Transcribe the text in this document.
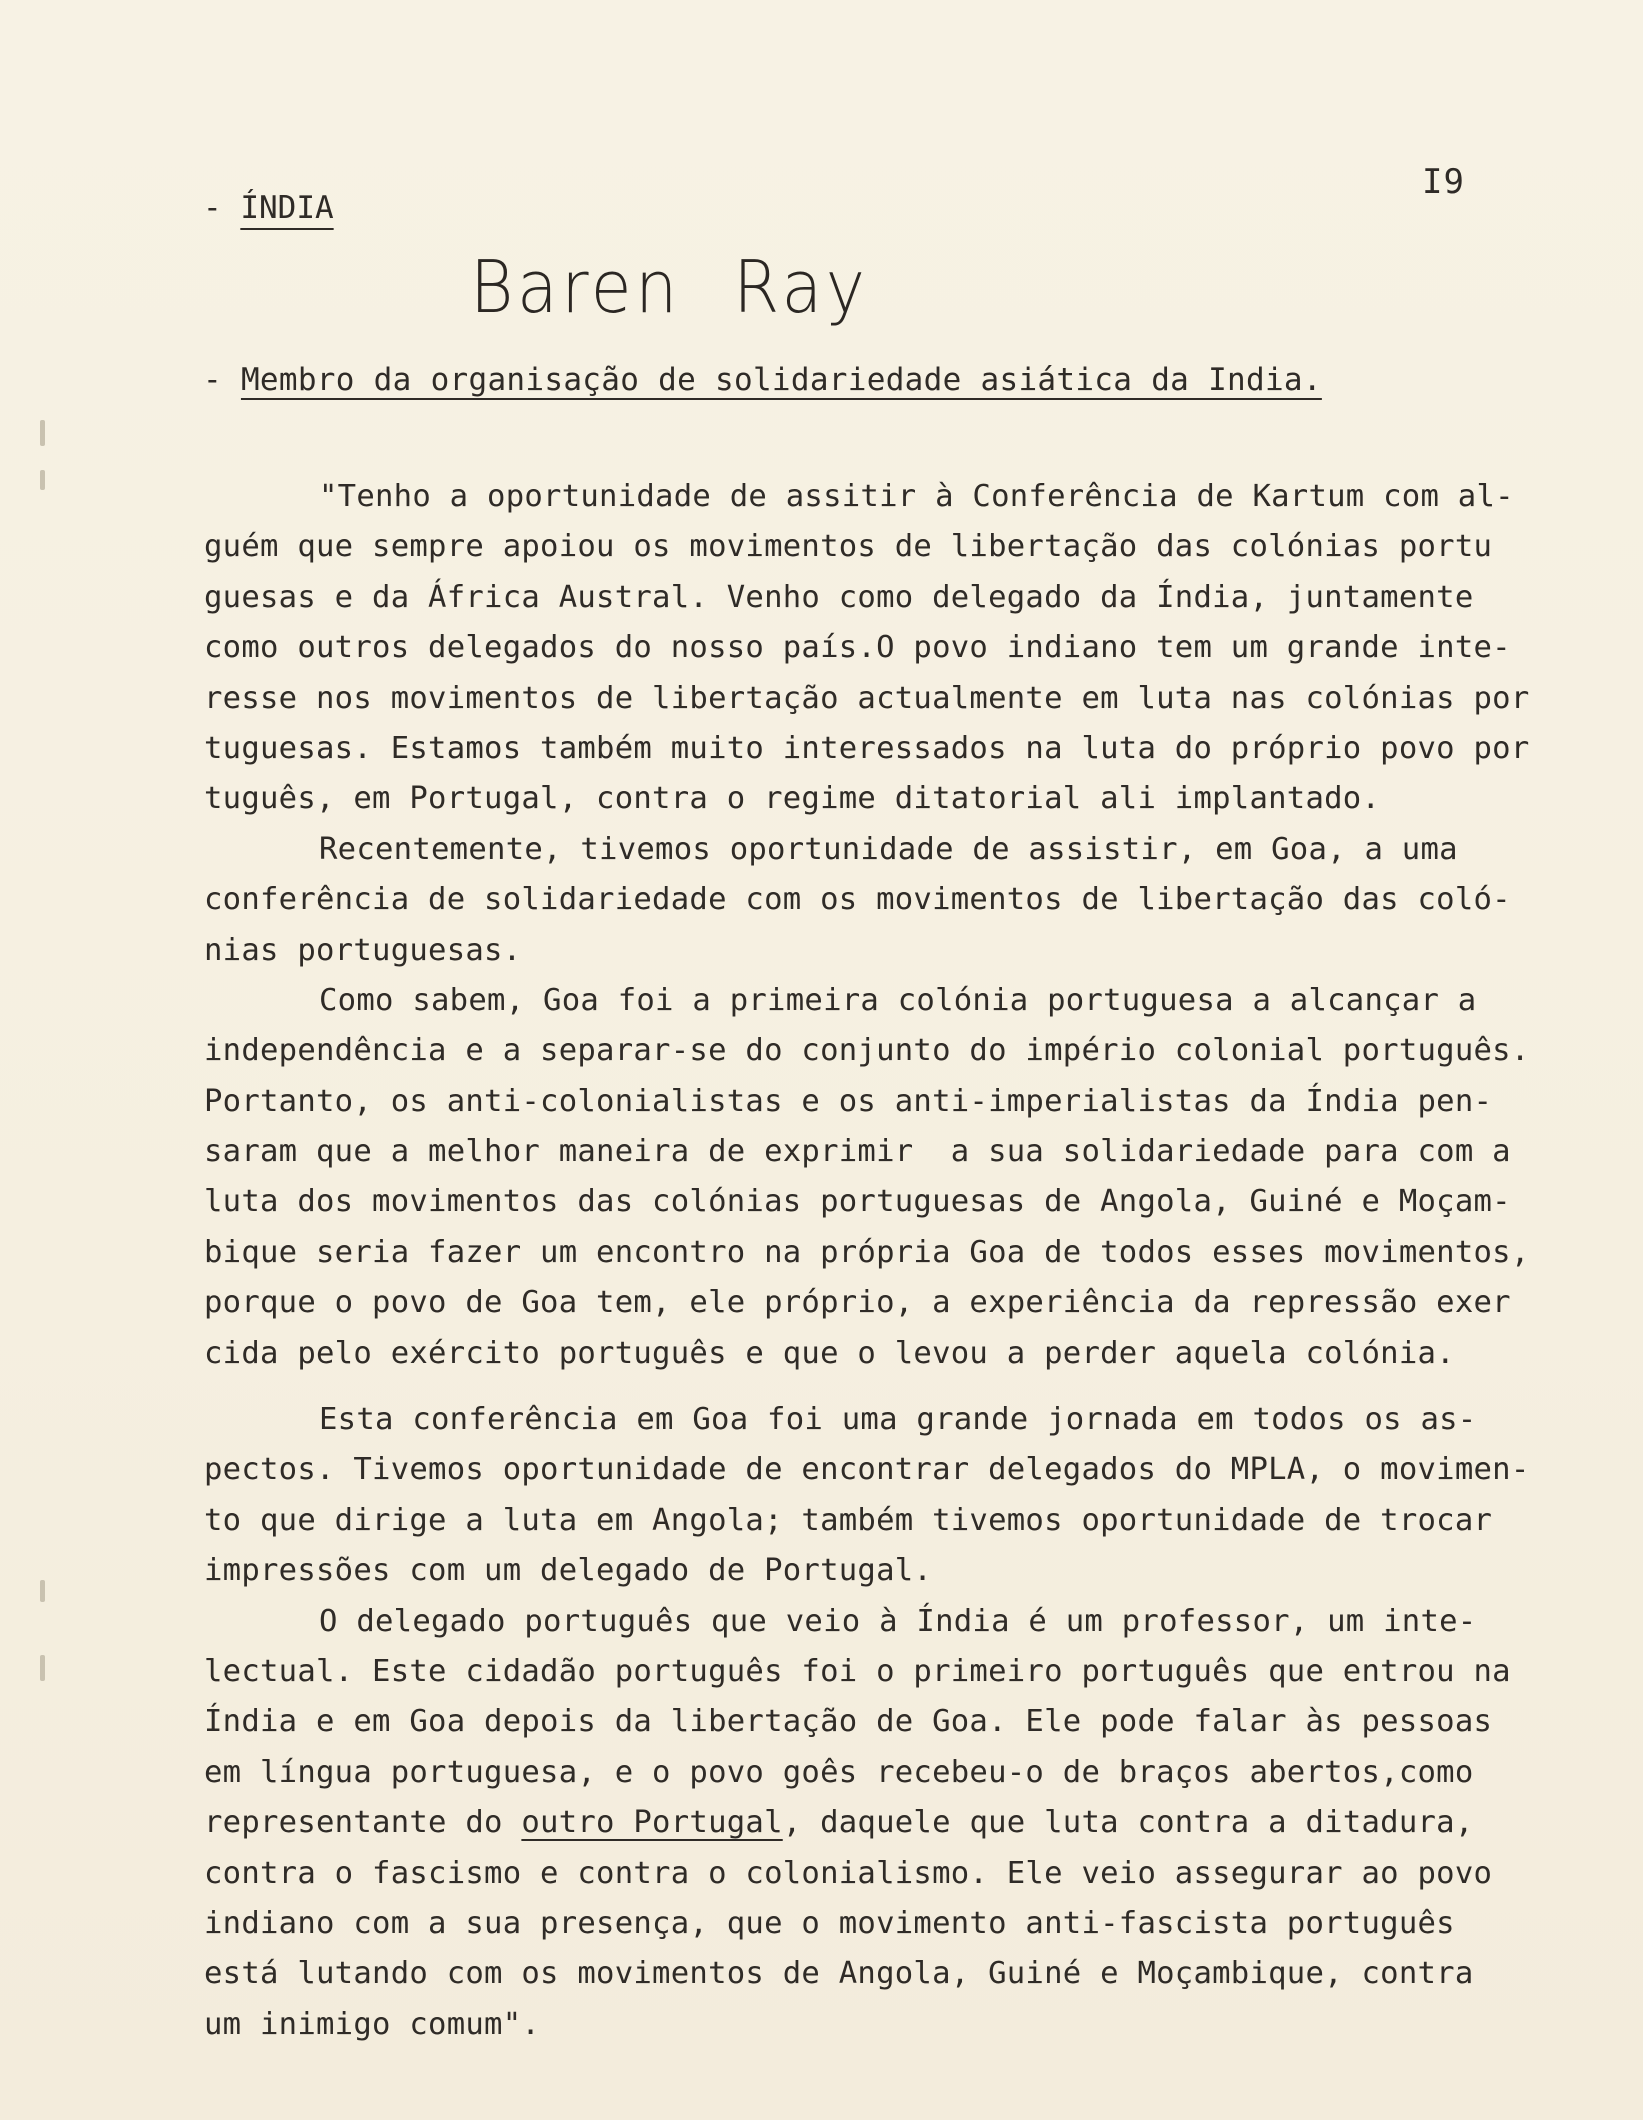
I9
- ÍNDIA
Baren Ray
- Membro da organisação de solidariedade asiática da India.
"Tenho a oportunidade de assitir à Conferência de Kartum com al-
guém que sempre apoiou os movimentos de libertação das colónias portu
guesas e da África Austral. Venho como delegado da Índia, juntamente
como outros delegados do nosso país.O povo indiano tem um grande inte-
resse nos movimentos de libertação actualmente em luta nas colónias por
tuguesas. Estamos também muito interessados na luta do próprio povo por
tuguês, em Portugal, contra o regime ditatorial ali implantado.
Recentemente, tivemos oportunidade de assistir, em Goa, a uma
conferência de solidariedade com os movimentos de libertação das coló-
nias portuguesas.
Como sabem, Goa foi a primeira colónia portuguesa a alcançar a
independência e a separar-se do conjunto do império colonial português.
Portanto, os anti-colonialistas e os anti-imperialistas da Índia pen-
saram que a melhor maneira de exprimir  a sua solidariedade para com a
luta dos movimentos das colónias portuguesas de Angola, Guiné e Moçam-
bique seria fazer um encontro na própria Goa de todos esses movimentos,
porque o povo de Goa tem, ele próprio, a experiência da repressão exer
cida pelo exército português e que o levou a perder aquela colónia.
Esta conferência em Goa foi uma grande jornada em todos os as-
pectos. Tivemos oportunidade de encontrar delegados do MPLA, o movimen-
to que dirige a luta em Angola; também tivemos oportunidade de trocar
impressões com um delegado de Portugal.
O delegado português que veio à Índia é um professor, um inte-
lectual. Este cidadão português foi o primeiro português que entrou na
Índia e em Goa depois da libertação de Goa. Ele pode falar às pessoas
em língua portuguesa, e o povo goês recebeu-o de braços abertos,como
representante do outro Portugal, daquele que luta contra a ditadura,
contra o fascismo e contra o colonialismo. Ele veio assegurar ao povo
indiano com a sua presença, que o movimento anti-fascista português
está lutando com os movimentos de Angola, Guiné e Moçambique, contra
um inimigo comum".
